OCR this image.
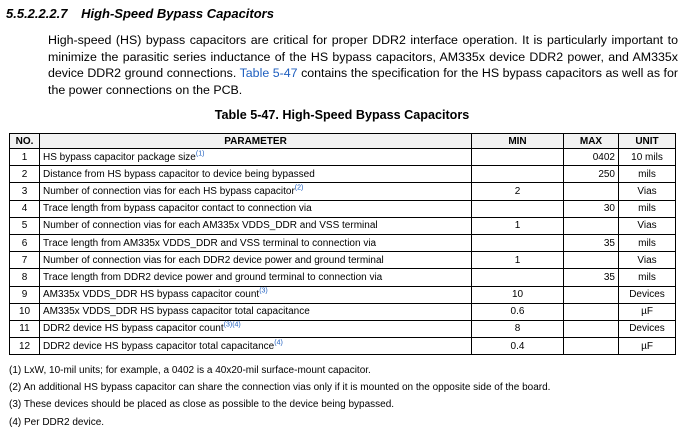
5.5.2.2.2.7 High-Speed Bypass Capacitors
High-speed (HS) bypass capacitors are critical for proper DDR2 interface operation. It is particularly important to minimize the parasitic series inductance of the HS bypass capacitors, AM335x device DDR2 power, and AM335x device DDR2 ground connections. Table 5-47 contains the specification for the HS bypass capacitors as well as for the power connections on the PCB.
Table 5-47. High-Speed Bypass Capacitors
NO.	PARAMETER	MIN	MAX	UNIT
1	HS bypass capacitor package size$^{(1)}$		0402	10 mils
2	Distance from HS bypass capacitor to device being bypassed		250	mils
3	Number of connection vias for each HS bypass capacitor$^{(2)}$	2		Vias
4	Trace length from bypass capacitor contact to connection via		30	mils
5	Number of connection vias for each AM335x VDDS_DDR and VSS terminal	1		Vias
6	Trace length from AM335x VDDS_DDR and VSS terminal to connection via		35	mils
7	Number of connection vias for each DDR2 device power and ground terminal	1		Vias
8	Trace length from DDR2 device power and ground terminal to connection via		35	mils
9	AM335x VDDS_DDR HS bypass capacitor count$^{(3)}$	10		Devices
10	AM335x VDDS_DDR HS bypass capacitor total capacitance	0.6		µF
11	DDR2 device HS bypass capacitor count$^{(3)(4)}$	8		Devices
12	DDR2 device HS bypass capacitor total capacitance$^{(4)}$	0.4		µF
(1) LxW, 10-mil units; for example, a 0402 is a 40x20-mil surface-mount capacitor.
(2) An additional HS bypass capacitor can share the connection vias only if it is mounted on the opposite side of the board.
(3) These devices should be placed as close as possible to the device being bypassed.
(4) Per DDR2 device.
